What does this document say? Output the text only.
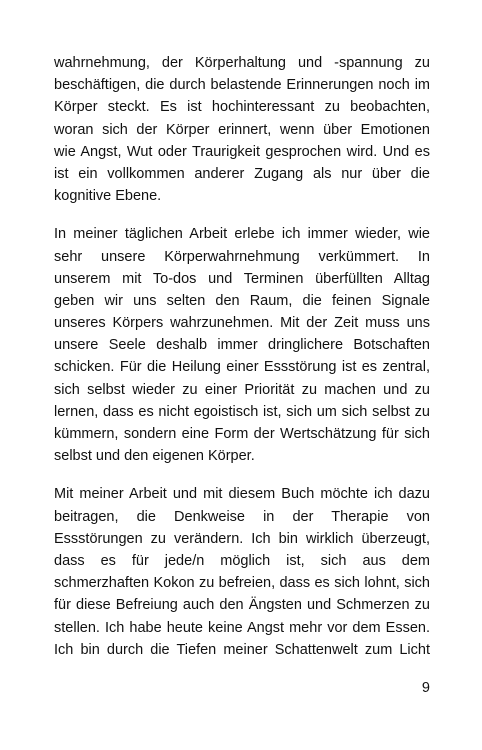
wahrnehmung, der Körperhaltung und -spannung zu
beschäftigen, die durch belastende Erinnerungen noch im
Körper steckt. Es ist hochinteressant zu beobachten,
woran sich der Körper erinnert, wenn über Emotionen
wie Angst, Wut oder Traurigkeit gesprochen wird. Und es
ist ein vollkommen anderer Zugang als nur über die
kognitive Ebene.

In meiner täglichen Arbeit erlebe ich immer wieder, wie
sehr unsere Körperwahrnehmung verkümmert. In
unserem mit To-dos und Terminen überfüllten Alltag
geben wir uns selten den Raum, die feinen Signale
unseres Körpers wahrzunehmen. Mit der Zeit muss uns
unsere Seele deshalb immer dringlichere Botschaften
schicken. Für die Heilung einer Essstörung ist es zentral,
sich selbst wieder zu einer Priorität zu machen und zu
lernen, dass es nicht egoistisch ist, sich um sich selbst zu
kümmern, sondern eine Form der Wertschätzung für sich
selbst und den eigenen Körper.

Mit meiner Arbeit und mit diesem Buch möchte ich dazu
beitragen, die Denkweise in der Therapie von
Essstörungen zu verändern. Ich bin wirklich überzeugt,
dass es für jede/n möglich ist, sich aus dem
schmerzhaften Kokon zu befreien, dass es sich lohnt, sich
für diese Befreiung auch den Ängsten und Schmerzen zu
stellen. Ich habe heute keine Angst mehr vor dem Essen.
Ich bin durch die Tiefen meiner Schattenwelt zum Licht

9
